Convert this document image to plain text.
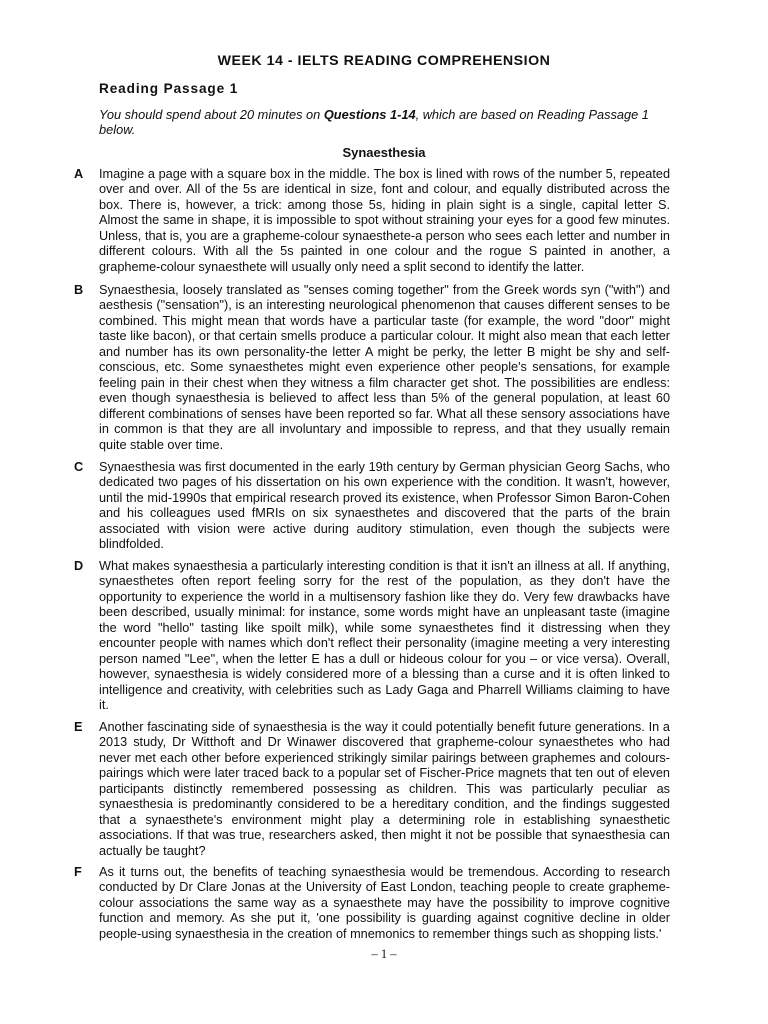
WEEK 14 - IELTS READING COMPREHENSION
Reading Passage 1
You should spend about 20 minutes on Questions 1-14, which are based on Reading Passage 1 below.
Synaesthesia
A Imagine a page with a square box in the middle. The box is lined with rows of the number 5, repeated over and over. All of the 5s are identical in size, font and colour, and equally distributed across the box. There is, however, a trick: among those 5s, hiding in plain sight is a single, capital letter S. Almost the same in shape, it is impossible to spot without straining your eyes for a good few minutes. Unless, that is, you are a grapheme-colour synaesthete-a person who sees each letter and number in different colours. With all the 5s painted in one colour and the rogue S painted in another, a grapheme-colour synaesthete will usually only need a split second to identify the latter.
B Synaesthesia, loosely translated as "senses coming together" from the Greek words syn ("with") and aesthesis ("sensation"), is an interesting neurological phenomenon that causes different senses to be combined. This might mean that words have a particular taste (for example, the word "door" might taste like bacon), or that certain smells produce a particular colour. It might also mean that each letter and number has its own personality-the letter A might be perky, the letter B might be shy and self-conscious, etc. Some synaesthetes might even experience other people's sensations, for example feeling pain in their chest when they witness a film character get shot. The possibilities are endless: even though synaesthesia is believed to affect less than 5% of the general population, at least 60 different combinations of senses have been reported so far. What all these sensory associations have in common is that they are all involuntary and impossible to repress, and that they usually remain quite stable over time.
C Synaesthesia was first documented in the early 19th century by German physician Georg Sachs, who dedicated two pages of his dissertation on his own experience with the condition. It wasn't, however, until the mid-1990s that empirical research proved its existence, when Professor Simon Baron-Cohen and his colleagues used fMRIs on six synaesthetes and discovered that the parts of the brain associated with vision were active during auditory stimulation, even though the subjects were blindfolded.
D What makes synaesthesia a particularly interesting condition is that it isn't an illness at all. If anything, synaesthetes often report feeling sorry for the rest of the population, as they don't have the opportunity to experience the world in a multisensory fashion like they do. Very few drawbacks have been described, usually minimal: for instance, some words might have an unpleasant taste (imagine the word "hello" tasting like spoilt milk), while some synaesthetes find it distressing when they encounter people with names which don't reflect their personality (imagine meeting a very interesting person named "Lee", when the letter E has a dull or hideous colour for you – or vice versa). Overall, however, synaesthesia is widely considered more of a blessing than a curse and it is often linked to intelligence and creativity, with celebrities such as Lady Gaga and Pharrell Williams claiming to have it.
E Another fascinating side of synaesthesia is the way it could potentially benefit future generations. In a 2013 study, Dr Witthoft and Dr Winawer discovered that grapheme-colour synaesthetes who had never met each other before experienced strikingly similar pairings between graphemes and colours-pairings which were later traced back to a popular set of Fischer-Price magnets that ten out of eleven participants distinctly remembered possessing as children. This was particularly peculiar as synaesthesia is predominantly considered to be a hereditary condition, and the findings suggested that a synaesthete's environment might play a determining role in establishing synaesthetic associations. If that was true, researchers asked, then might it not be possible that synaesthesia can actually be taught?
F As it turns out, the benefits of teaching synaesthesia would be tremendous. According to research conducted by Dr Clare Jonas at the University of East London, teaching people to create grapheme-colour associations the same way as a synaesthete may have the possibility to improve cognitive function and memory. As she put it, 'one possibility is guarding against cognitive decline in older people-using synaesthesia in the creation of mnemonics to remember things such as shopping lists.'
– 1 –
